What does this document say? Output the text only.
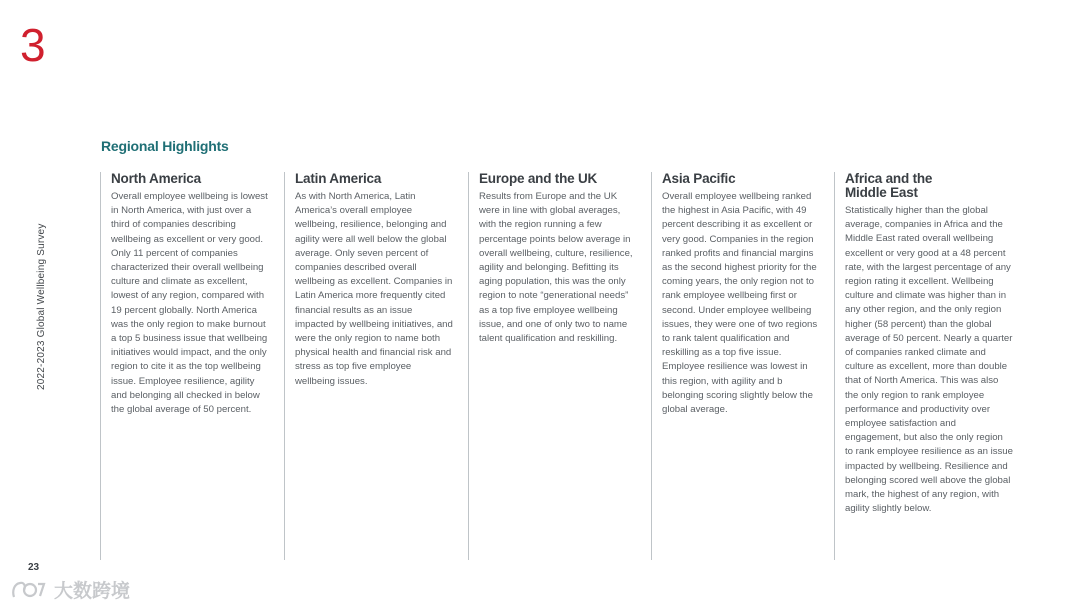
3
2022-2023 Global Wellbeing Survey
Regional Highlights
North America

Overall employee wellbeing is lowest in North America, with just over a third of companies describing wellbeing as excellent or very good. Only 11 percent of companies characterized their overall wellbeing culture and climate as excellent, lowest of any region, compared with 19 percent globally. North America was the only region to make burnout a top 5 business issue that wellbeing initiatives would impact, and the only region to cite it as the top wellbeing issue. Employee resilience, agility and belonging all checked in below the global average of 50 percent.

Latin America

As with North America, Latin America’s overall employee wellbeing, resilience, belonging and agility were all well below the global average. Only seven percent of companies described overall wellbeing as excellent. Companies in Latin America more frequently cited financial results as an issue impacted by wellbeing initiatives, and were the only region to name both physical health and financial risk and stress as top five employee wellbeing issues.

Europe and the UK

Results from Europe and the UK were in line with global averages, with the region running a few percentage points below average in overall wellbeing, culture, resilience, agility and belonging. Befitting its aging population, this was the only region to note “generational needs” as a top five employee wellbeing issue, and one of only two to name talent qualification and reskilling.

Asia Pacific

Overall employee wellbeing ranked the highest in Asia Pacific, with 49 percent describing it as excellent or very good. Companies in the region ranked profits and financial margins as the second highest priority for the coming years, the only region not to rank employee wellbeing first or second. Under employee wellbeing issues, they were one of two regions to rank talent qualification and reskilling as a top five issue. Employee resilience was lowest in this region, with agility and b belonging scoring slightly below the global average.

Africa and the Middle East

Statistically higher than the global average, companies in Africa and the Middle East rated overall wellbeing excellent or very good at a 48 percent rate, with the largest percentage of any region rating it excellent. Wellbeing culture and climate was higher than in any other region, and the only region higher (58 percent) than the global average of 50 percent. Nearly a quarter of companies ranked climate and culture as excellent, more than double that of North America. This was also the only region to rank employee performance and productivity over employee satisfaction and engagement, but also the only region to rank employee resilience as an issue impacted by wellbeing. Resilience and belonging scored well above the global mark, the highest of any region, with agility slightly below.

23
大数跨境
